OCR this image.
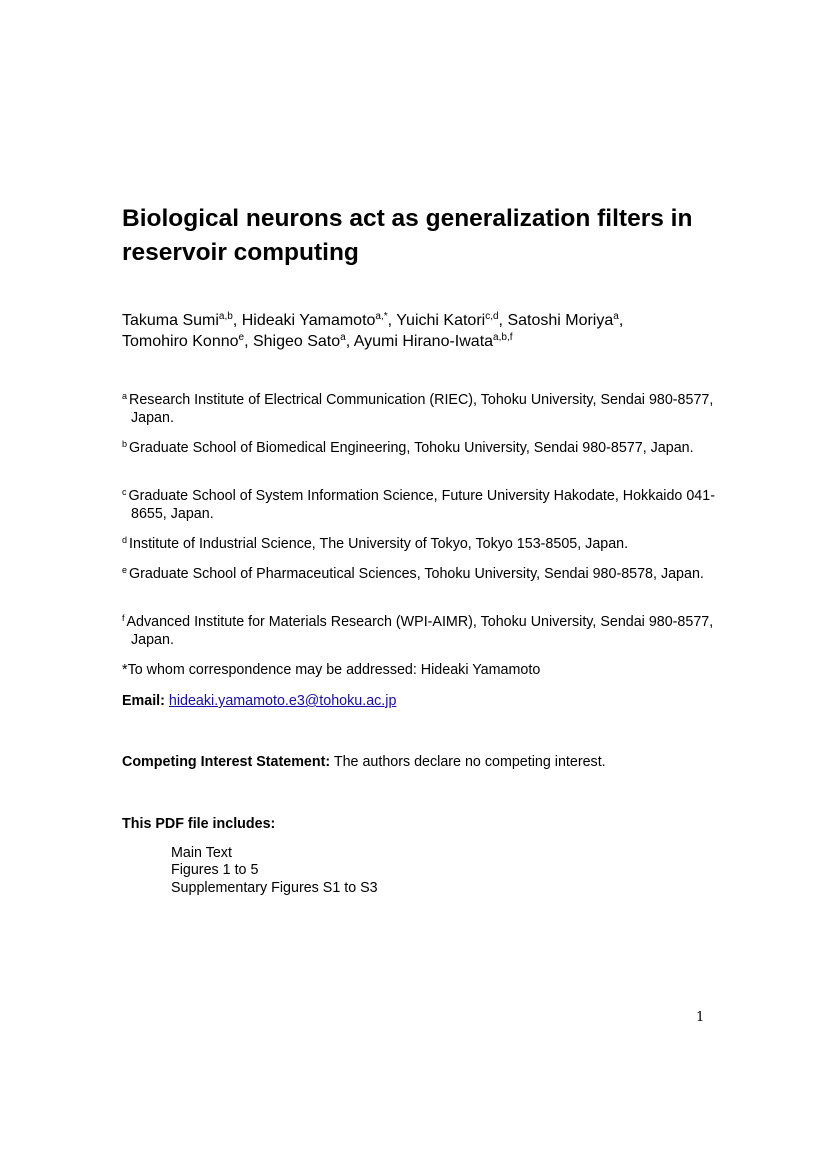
Biological neurons act as generalization filters in reservoir computing
Takuma Sumi$^{a,b}$, Hideaki Yamamoto$^{a,*}$, Yuichi Katori$^{c,d}$, Satoshi Moriya$^a$,
Tomohiro Konno$^e$, Shigeo Sato$^a$, Ayumi Hirano-Iwata$^{a,b,f}$
$^a$ Research Institute of Electrical Communication (RIEC), Tohoku University, Sendai 980-8577, Japan.
$^b$ Graduate School of Biomedical Engineering, Tohoku University, Sendai 980-8577, Japan.
$^c$ Graduate School of System Information Science, Future University Hakodate, Hokkaido 041-8655, Japan.
$^d$ Institute of Industrial Science, The University of Tokyo, Tokyo 153-8505, Japan.
$^e$ Graduate School of Pharmaceutical Sciences, Tohoku University, Sendai 980-8578, Japan.
$^f$ Advanced Institute for Materials Research (WPI-AIMR), Tohoku University, Sendai 980-8577, Japan.
*To whom correspondence may be addressed: Hideaki Yamamoto
Email: hideaki.yamamoto.e3@tohoku.ac.jp
Competing Interest Statement: The authors declare no competing interest.
This PDF file includes:
Main Text
Figures 1 to 5
Supplementary Figures S1 to S3
1
